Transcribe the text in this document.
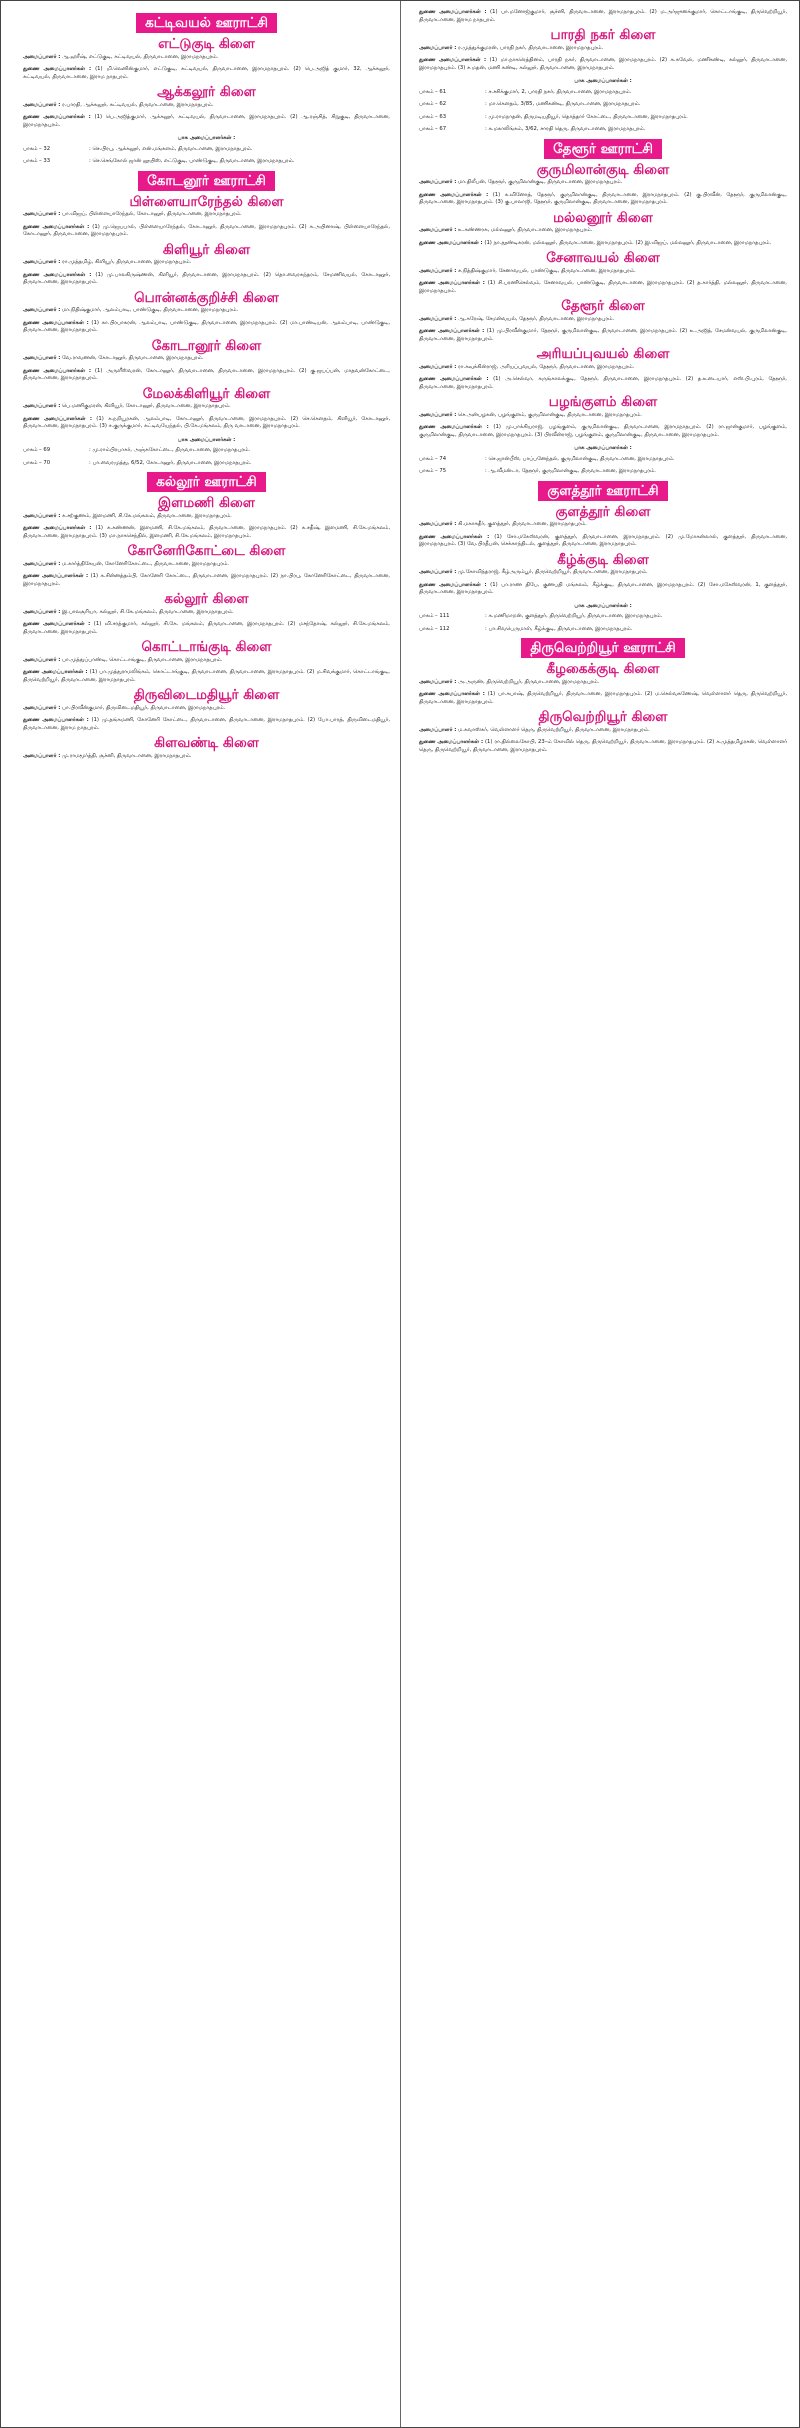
கட்டிவயல் ஊராட்சி
எட்டுகுடி கிளை

அமைப்பாளர் : ஆ.ஹரீஷ், எட்டுகுடி, கட்டிவயல், திருவாடானை, இராமநாதபுரம்.

துணை அமைப்பாளர்கள் : (1) மி.லெனின்குமார், எட்டுகுடி, கட்டிவயல், திருவாடானை, இராமநாதபுரம். (2) பெ.அஜித் குமார், 32, ஆக்கலூர், கட்டிவயல், திருவாடானை, இராம நாதபுரம்.

ஆக்கலூர் கிளை

அமைப்பாளர் : ர.பாரதி, ஆக்கலூர், கட்டிவயல், திருவாடானை, இராமநாதபுரம்.

துணை அமைப்பாளர்கள் : (1) பெ.அஜித்குமார், ஆக்கலூர், கட்டிவயல், திருவாடானை, இராமநாதபுரம். (2) ஆ.ரஞ்சித், சிறுகுடி, திருவாடானை, இராமநாதபுரம்.

பாக அமைப்பாளர்கள் :
பாகம் – 32	: செ.பிரபு, ஆக்கலூர், என்.மங்களம், திருவாடானை, இராமநாதபுரம்.
பாகம் – 33	: செ.செங்கோல் ஜான் லூயிஸ், எட்டுகுடி, பாண்டுகுடி, திருவாடானை, இராமநாதபுரம்.
கோடனூர் ஊராட்சி
பிள்ளையாரேந்தல் கிளை

அமைப்பாளர் : பா.விஜய், பிள்ளையாரேந்தல், கோடானூர், திருவாடானை, இராமநாதபுரம்.

துணை அமைப்பாளர்கள் : (1) மு.ஜெயபால், பிள்ளையாரேந்தல், கோடானூர், திருவாடானை, இராமநாதபுரம். (2) சு.அபினாஷ், பிள்ளையாரேந்தல், கோடானூர், திருவாடானை, இராமநாதபுரம்.

கிளியூர் கிளை

அமைப்பாளர் : ரா.முத்தமிழ், கிளியூர், திருவாடானை, இராமநாதபுரம்.

துணை அமைப்பாளர்கள் : (1) மு.பாலகிருஷ்ணன், கிளியூர், திருவாடானை, இராமநாதபுரம். (2) தொ.வைரசுந்தரம், சேமணிவயல், கோடானூர், திருவாடானை, இராமநாதபுரம்.

பொன்னக்குறிச்சி கிளை

அமைப்பாளர் : மா.நிதிஷ்குமார், ஆலம்பாடி, பாண்டுகுடி, திருவாடானை, இராமநாதபுரம்.

துணை அமைப்பாளர்கள் : (1) கா.பிரபாகரன், ஆலம்பாடி, பாண்டுகுடி, திருவாடானை, இராமநாதபுரம். (2) மா.பாண்டியன், ஆலம்பாடி, பாண்டுகுடி, திருவாடானை, இராமநாதபுரம்.

கோடானூர் கிளை

அமைப்பாளர் : வே.ராவணன், கோடானூர், திருவாடானை, இராமநாதபுரம்.

துணை அமைப்பாளர்கள் : (1) அருளீஸ்வரன், கோடானூர், திருவாடானை, திருவாடானை, இராமநாதபுரம். (2) கு.ஜயப்பன், மாதவன்கோட்டை, திருவாடானை, இராமநாதபுரம்.

மேலக்கிளியூர் கிளை

அமைப்பாளர் : பெ.மணிகுமரன், கிளியூர், கோடானூர், திருவாடானை, இராமநாதபுரம்.

துணை அமைப்பாளர்கள் : (1) க.நறியூரகன், ஆலம்பாடி, கோடானூர், திருவாடானை, இராமநாதபுரம். (2) செ.கௌதம், கிளியூர், கோடானூர், திருவாடானை, இராமநாதபுரம். (3) ச.குருக்குமார், கட்டிவயேந்தல், பி.கே.மங்கலம், திரு வாடானை, இராமநாதபுரம்.

பாக அமைப்பாளர்கள் :
பாகம் – 69	: மு.ராம்பிரபாகர், அஞ்சுகோட்டை, திருவாடானை, இராமநாதபுரம்.
பாகம் – 70	: பா.வைரமுத்து, 6/52, கோடானூர், திருவாடானை, இராமநாதபுரம்.
கல்லூர் ஊராட்சி
இளமணி கிளை

அமைப்பாளர் : க.சற்குணம், இளமணி, சி.கே.மங்கலம், திருவாடானை, இராமநாதபுரம்.

துணை அமைப்பாளர்கள் : (1) க.கண்ணன், இளமணி, சி.கே.மங்கலம், திருவாடானை, இராமநாதபுரம். (2) க.சதீஷ், இளமணி, சி.கே.மங்கலம், திருவாடானை, இராமநாதபுரம். (3) மா.நாகசெந்தில், இளமணி, சி.கே.மங்கலம், இராமநாதபுரம்.

கோனேரிகோட்டை கிளை

அமைப்பாளர் : ம.கார்த்திகேயன், கோனேரிகோட்டை, திருவாடானை, இராமநாதபுரம்.

துணை அமைப்பாளர்கள் : (1) க.சின்னத்தம்பி, கோனேரி கோட்டை, திருவாடானை, இராமநாதபுரம். (2) நா.பிரபு, கோனேரிகோட்டை, திருவாடானை, இராமநாதபுரம்.

கல்லூர் கிளை

அமைப்பாளர் : இ.பாலசூரியா, கல்லூர், சி.கே.மங்கலம், திருவாடானை, இராமநாதபுரம்.

துணை அமைப்பாளர்கள் : (1) வி.சரத்குமார், கல்லூர், சி.கே. மங்கலம், திருவாடானை, இராமநாதபுரம். (2) மசந்தோஷ், கல்லூர், சி.கே.மங்கலம், திருவாடானை, இராமநாதபுரம்.

கொட்டாங்குடி கிளை

அமைப்பாளர் : பா.முத்துப்பாண்டி, கொட்டாங்குடி, திருவாடானை, இராமநாதபுரம்.

துணை அமைப்பாளர்கள் : (1) பா.முத்துராமலிங்கம், கொட்டாங்குடி, திருவாடானை, திருவாடானை, இராமநாதபுரம். (2) ம.சிவக்குமார், கொட்டாங்குடி, திருவெற்றியூர், திருவாடானை, இராமநாதபுரம்.

திருவிடைமதியூர் கிளை

அமைப்பாளர் : பா.பிரவீன்குமார், திருவிடைமதியூர், திருவாடானை, இராமநாதபுரம்.

துணை அமைப்பாளர்கள் : (1) மு.தங்கமணி, கோனேரி கோட்டை, திருவாடானை, திருவாடானை, இராமநாதபுரம். (2) போ.பாரத், திருவிடைமதியூர், திருவாடானை, இராம நாதபுரம்.

கிளவண்டி கிளை

அமைப்பாளர் : மு.ராமமூர்த்தி, சூச்னி, திருவாடானை, இராமநாதபுரம்.

துணை அமைப்பாளர்கள் : (1) பா.மனோஜ்குமார், சூச்னி, திருவாடானை, இராமநாதபுரம். (2) ம.அர்ஜுனக்குமார், கொட்டாங்குடி, திருவெற்றியூர், திருவாடானை, இராம நாதபுரம்.

பாரதி நகர் கிளை

அமைப்பாளர் : ர.முத்துக்குமரன், பாரதி நகர், திருவாடானை, இராமநாதபுரம்.

துணை அமைப்பாளர்கள் : (1) மா.நாகரெத்தினம், பாரதி நகர், திருவாடானை, இராமநாதபுரம். (2) க.சுவேல், மணிகண்டி, கல்லூர், திருவாடானை, இராமநாதபுரம். (3) ச.மதன், மணி கண்டி, கல்லூர், திருவாடானை, இராமநாதபுரம்.

பாக அமைப்பாளர்கள் :
பாகம் – 61	: ச.சசிக்குமார், 2, பாரதி நகர், திருவாடானை, இராமநாதபுரம்.
பாகம் – 62	: மா.கௌதம், 3/85, மணிகண்டி, திருவாடானை, இராமநாதபுரம்.
பாகம் – 63	: மு.ராமநாதன், திருமடியதியூர், தொத்தார் கோட்டை, திருவாடானை, இராமநாதபுரம்.
பாகம் – 67	: க.மகாலிங்கம், 3/62, சாரதி தெரு, திருவாடானை, இராமநாதபுரம்.
தேளூர் ஊராட்சி
குருமிலான்குடி கிளை

அமைப்பாளர் : மா.திலீபன், தேளூர், குருமிலான்குடி, திருவாடானை, இராமநாதபுரம்.

துணை அமைப்பாளர்கள் : (1) க.வினோத், தேளூர், குருமிலான்குடி, திருவாடானை, இராமநாதபுரம். (2) கு.பிரவீன், தேளூர், குருமிலான்குடி, திருவாடானை, இராமநாதபுரம். (3) கு.பாலாஜி, தேளூர், குருமிலான்குடி, திருவாடானை, இராமநாதபுரம்.

மல்லனூர் கிளை

அமைப்பாளர் : உ.கண்ணரசு, மல்லனூர், திருவாடானை, இராமநாதபுரம்.

துணை அமைப்பாளர்கள் : (1) நா.தூண்டிகரன், மல்லனூர், திருவாடானை, இராமநாதபுரம். (2) இ.விஜய், மல்லனூர், திருவாடானை, இராமநாதபுரம்.

சேனாவயல் கிளை

அமைப்பாளர் : ச.நித்திஷ்குமார், சேனாவயல், பாண்டுகுடி, திருவாடானை, இராமநாதபுரம்.

துணை அமைப்பாளர்கள் : (1) சி.பரணிசெல்வம், சேனாவயல், பாண்டுகுடி, திருவாடானை, இராமநாதபுரம். (2) த.கார்த்தி, மல்லனூர், திருவாடானை, இராமநாதபுரம்.

தேளூர் கிளை

அமைப்பாளர் : ஆ.சுரேஷ், சேமன்வயல், தேளூர், திருவாடானை, இராமநாதபுரம்.

துணை அமைப்பாளர்கள் : (1) மு.பிரவீன்குமார், தேளூர், குருமிலான்குடி, திருவாடானை, இராமநாதபுரம். (2) உ.அஜித், சேமன்வயல், குருமிலான்குடி, திருவாடானை, இராமநாதபுரம்.

அரியப்புவயல் கிளை

அமைப்பாளர் : ரா.கவுக்கின்ராஜ், அரியப்புவயல், தேளூர், திருவாடானை, இராமநாதபுரம்.

துணை அமைப்பாளர்கள் : (1) அ.செல்வா, கருங்காலக்குடி, தேளூர், திருவாடானை, இராமநாதபுரம். (2) த.உடையார், எஸ்.பி.புரம், தேளூர், திருவாடானை, இராமநாதபுரம்.

பழங்குளம் கிளை

அமைப்பாளர் : செ.அன்பழகன், பழங்குளம், குருமிலான்குடி, திருவாடானை, இராமநாதபுரம்.

துணை அமைப்பாளர்கள் : (1) மு.பாக்கியராஜ், பழங்குளம், குருமிலான்குடி, திருவாடானை, இராமநாதபுரம். (2) ரா.ஜான்குமார், பழங்குளம், குருமிலான்குடி, திருவாடானை, இராமநாதபுரம். (3) பிரவீன்ராஜ், பழங்குளம், குருமிலான்குடி, திருவாடானை, இராமநாதபுரம்.

பாக அமைப்பாளர்கள் :
பாகம் – 74	: செ.ஜான்பீஸ், பாப்பனேந்தல், குருமிலான்குடி, திருவாடானை, இராமநாதபுரம்.
பாகம் – 75	: ஆ.வீமன்டா, தேளூர், குருமிலான்குடி, திருவாடானை, இராமநாதபுரம்.
குளத்தூர் ஊராட்சி
குளத்தூர் கிளை

அமைப்பாளர் : கி.மகாசுதீர், குளத்தூர், திருவாடானை, இராமநாதபுரம்.

துணை அமைப்பாளர்கள் : (1) சோ.மகேஸ்வரன், குளத்தூர், திருவாடானை, இராமநாதபுரம். (2) மு.மோகன்லால், குளத்தூர், திருவாடானை, இராமநாதபுரம். (3) வே.பிரதீபன், செக்காந்திடல், குளத்தூர், திருவாடானை, இராமநாதபுரம்.

கீழ்க்குடி கிளை

அமைப்பாளர் : மு.கோவிந்தராஜ், கீழ்அரும்பூர், திருவெற்றியூர், திருவாடானை, இராமநாதபுரம்.

துணை அமைப்பாளர்கள் : (1) பா.ராண திபே, குணபதி மங்கலம், கீழ்க்குடி, திருவாடானை, இராமநாதபுரம். (2) சோ.மகேஸ்வரன், 1, குளத்தூர், திருவாடானை, இராமநாதபுரம்.

பாக அமைப்பாளர்கள் :
பாகம் – 111	: க.மணிமாறன், குளத்தூர், திருவெற்றியூர், திருவாடானை, இராமநாதபுரம்.
பாகம் – 112	: பா.சிவபெருமாள், கீழ்க்குடி, திருவாடானை, இராமநாதபுரம்.
திருவெற்றியூர் ஊராட்சி
கீழகைக்குடி கிளை

அமைப்பாளர் : அ.அருண், திருவெற்றியூர், திருவாடானை, இராமநாதபுரம்.

துணை அமைப்பாளர்கள் : (1) பா.சுபாஷ், திருவெற்றியூர், திருவாடானை, இராமநாதபுரம். (2) ம.செல்வகணேஷ், வெள்ளாளர் தெரு, திருவெற்றியூர், திருவாடானை, இராமநாதபுரம்.

திருவெற்றியூர் கிளை

அமைப்பாளர் : ம.கவாஸ்கர், வெள்ளாளர் தெரு, திருவெற்றியூர், திருவாடானை, இராமநாதபுரம்.

துணை அமைப்பாளர்கள் : (1) ரா.தில்லைகோபி, 23–ம் கோவில் தெரு, திருவெற்றியூர், திருவாடானை, இராமநாதபுரம். (2) க.முத்தமிழரசன், வெள்ளாளர் தெரு, திருவெற்றியூர், திருவாடானை, இராமநாதபுரம்.
